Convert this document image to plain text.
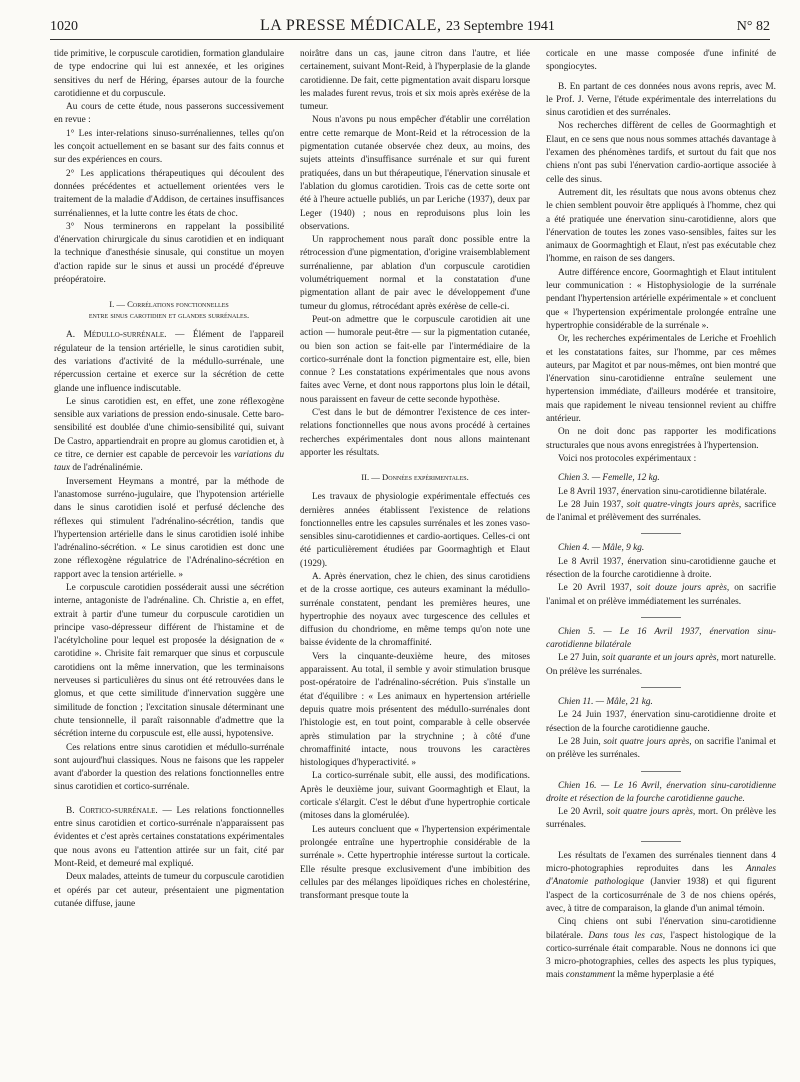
1020	LA PRESSE MÉDICALE, 23 Septembre 1941	N° 82

tide primitive, le corpuscule carotidien, formation glandulaire de type endocrine qui lui est annexée, et les origines sensitives du nerf de Héring, éparses autour de la fourche carotidienne et du corpuscule.

Au cours de cette étude, nous passerons successivement en revue :

1° Les inter-relations sinuso-surrénaliennes, telles qu'on les conçoit actuellement en se basant sur des faits connus et sur des expériences en cours.

2° Les applications thérapeutiques qui découlent des données précédentes et actuellement orientées vers le traitement de la maladie d'Addison, de certaines insuffisances surrénaliennes, et la lutte contre les états de choc.

3° Nous terminerons en rappelant la possibilité d'énervation chirurgicale du sinus carotidien et en indiquant la technique d'anesthésie sinusale, qui constitue un moyen d'action rapide sur le sinus et aussi un procédé d'épreuve préopératoire.

I. — Corrélations fonctionnelles
entre sinus carotidien et glandes surrénales.

A. Médullo-surrénale. — Élément de l'appareil régulateur de la tension artérielle, le sinus carotidien subit, des variations d'activité de la médullo-surrénale, une répercussion certaine et exerce sur la sécrétion de cette glande une influence indiscutable.

Le sinus carotidien est, en effet, une zone réflexogène sensible aux variations de pression endo-sinusale. Cette baro-sensibilité est doublée d'une chimio-sensibilité qui, suivant De Castro, appartiendrait en propre au glomus carotidien et, à ce titre, ce dernier est capable de percevoir les variations du taux de l'adrénalinémie.

Inversement Heymans a montré, par la méthode de l'anastomose surréno-jugulaire, que l'hypotension artérielle dans le sinus carotidien isolé et perfusé déclenche des réflexes qui stimulent l'adrénalino-sécrétion, tandis que l'hypertension artérielle dans le sinus carotidien isolé inhibe l'adrénalino-sécrétion. « Le sinus carotidien est donc une zone réflexogène régulatrice de l'Adrénalino-sécrétion en rapport avec la tension artérielle. »

Le corpuscule carotidien posséderait aussi une sécrétion interne, antagoniste de l'adrénaline. Ch. Christie a, en effet, extrait à partir d'une tumeur du corpuscule carotidien un principe vaso-dépresseur différent de l'histamine et de l'acétylcholine pour lequel est proposée la désignation de « carotidine ». Chrisite fait remarquer que sinus et corpuscule carotidiens ont la même innervation, que les terminaisons nerveuses si particulières du sinus ont été retrouvées dans le glomus, et que cette similitude d'innervation suggère une similitude de fonction ; l'excitation sinusale déterminant une chute tensionnelle, il paraît raisonnable d'admettre que la sécrétion interne du corpuscule est, elle aussi, hypotensive.

Ces relations entre sinus carotidien et médullo-surrénale sont aujourd'hui classiques. Nous ne faisons que les rappeler avant d'aborder la question des relations fonctionnelles entre sinus carotidien et cortico-surrénale.

B. Cortico-surrénale. — Les relations fonctionnelles entre sinus carotidien et cortico-surrénale n'apparaissent pas évidentes et c'est après certaines constatations expérimentales que nous avons eu l'attention attirée sur un fait, cité par Mont-Reid, et demeuré mal expliqué.

Deux malades, atteints de tumeur du corpuscule carotidien et opérés par cet auteur, présentaient une pigmentation cutanée diffuse, jaune

noirâtre dans un cas, jaune citron dans l'autre, et liée certainement, suivant Mont-Reid, à l'hyperplasie de la glande carotidienne. De fait, cette pigmentation avait disparu lorsque les malades furent revus, trois et six mois après exérèse de la tumeur.

Nous n'avons pu nous empêcher d'établir une corrélation entre cette remarque de Mont-Reid et la rétrocession de la pigmentation cutanée observée chez deux, au moins, des sujets atteints d'insuffisance surrénale et sur qui furent pratiquées, dans un but thérapeutique, l'énervation sinusale et l'ablation du glomus carotidien. Trois cas de cette sorte ont été à l'heure actuelle publiés, un par Leriche (1937), deux par Leger (1940) ; nous en reproduisons plus loin les observations.

Un rapprochement nous paraît donc possible entre la rétrocession d'une pigmentation, d'origine vraisemblablement surrénalienne, par ablation d'un corpuscule carotidien volumétriquement normal et la constatation d'une pigmentation allant de pair avec le développement d'une tumeur du glomus, rétrocédant après exérèse de celle-ci.

Peut-on admettre que le corpuscule carotidien ait une action — humorale peut-être — sur la pigmentation cutanée, ou bien son action se fait-elle par l'intermédiaire de la cortico-surrénale dont la fonction pigmentaire est, elle, bien connue ? Les constatations expérimentales que nous avons faites avec Verne, et dont nous rapportons plus loin le détail, nous paraissent en faveur de cette seconde hypothèse.

C'est dans le but de démontrer l'existence de ces inter-relations fonctionnelles que nous avons procédé à certaines recherches expérimentales dont nous allons maintenant apporter les résultats.

II. — Données expérimentales.

Les travaux de physiologie expérimentale effectués ces dernières années établissent l'existence de relations fonctionnelles entre les capsules surrénales et les zones vaso-sensibles sinu-carotidiennes et cardio-aortiques. Celles-ci ont été particulièrement étudiées par Goormaghtigh et Elaut (1929).

A. Après énervation, chez le chien, des sinus carotidiens et de la crosse aortique, ces auteurs examinant la médullo-surrénale constatent, pendant les premières heures, une hypertrophie des noyaux avec turgescence des cellules et diffusion du chondriome, en même temps qu'on note une baisse évidente de la chromaffinité.

Vers la cinquante-deuxième heure, des mitoses apparaissent. Au total, il semble y avoir stimulation brusque post-opératoire de l'adrénalino-sécrétion. Puis s'installe un état d'équilibre : « Les animaux en hypertension artérielle depuis quatre mois présentent des médullo-surrénales dont l'histologie est, en tout point, comparable à celle observée après stimulation par la strychnine ; à côté d'une chromaffinité intacte, nous trouvons les caractères histologiques d'hyperactivité. »

La cortico-surrénale subit, elle aussi, des modifications. Après le deuxième jour, suivant Goormaghtigh et Elaut, la corticale s'élargit. C'est le début d'une hypertrophie corticale (mitoses dans la glomérulée).

Les auteurs concluent que « l'hypertension expérimentale prolongée entraîne une hypertrophie considérable de la surrénale ». Cette hypertrophie intéresse surtout la corticale. Elle résulte presque exclusivement d'une imbibition des cellules par des mélanges lipoïdiques riches en cholestérine, transformant presque toute la

corticale en une masse composée d'une infinité de spongiocytes.

B. En partant de ces données nous avons repris, avec M. le Prof. J. Verne, l'étude expérimentale des interrelations du sinus carotidien et des surrénales.

Nos recherches diffèrent de celles de Goormaghtigh et Elaut, en ce sens que nous nous sommes attachés davantage à l'examen des phénomènes tardifs, et surtout du fait que nos chiens n'ont pas subi l'énervation cardio-aortique associée à celle des sinus.

Autrement dit, les résultats que nous avons obtenus chez le chien semblent pouvoir être appliqués à l'homme, chez qui a été pratiquée une énervation sinu-carotidienne, alors que l'énervation de toutes les zones vaso-sensibles, faites sur les animaux de Goormaghtigh et Elaut, n'est pas exécutable chez l'homme, en raison de ses dangers.

Autre différence encore, Goormaghtigh et Elaut intitulent leur communication : « Histophysiologie de la surrénale pendant l'hypertension artérielle expérimentale » et concluent que « l'hypertension expérimentale prolongée entraîne une hypertrophie considérable de la surrénale ».

Or, les recherches expérimentales de Leriche et Froehlich et les constatations faites, sur l'homme, par ces mêmes auteurs, par Magitot et par nous-mêmes, ont bien montré que l'énervation sinu-carotidienne entraîne seulement une hypertension immédiate, d'ailleurs modérée et transitoire, mais que rapidement le niveau tensionnel revient au chiffre antérieur.

On ne doit donc pas rapporter les modifications structurales que nous avons enregistrées à l'hypertension.

Voici nos protocoles expérimentaux :

Chien 3. — Femelle, 12 kg.

Le 8 Avril 1937, énervation sinu-carotidienne bilatérale.

Le 28 Juin 1937, soit quatre-vingts jours après, sacrifice de l'animal et prélèvement des surrénales.

Chien 4. — Mâle, 9 kg.

Le 8 Avril 1937, énervation sinu-carotidienne gauche et résection de la fourche carotidienne à droite.

Le 20 Avril 1937, soit douze jours après, on sacrifie l'animal et on prélève immédiatement les surrénales.

Chien 5. — Le 16 Avril 1937, énervation sinu-carotidienne bilatérale

Le 27 Juin, soit quarante et un jours après, mort naturelle. On prélève les surrénales.

Chien 11. — Mâle, 21 kg.

Le 24 Juin 1937, énervation sinu-carotidienne droite et résection de la fourche carotidienne gauche.

Le 28 Juin, soit quatre jours après, on sacrifie l'animal et on prélève les surrénales.

Chien 16. — Le 16 Avril, énervation sinu-carotidienne droite et résection de la fourche carotidienne gauche.

Le 20 Avril, soit quatre jours après, mort. On prélève les surrénales.

Les résultats de l'examen des surrénales tiennent dans 4 micro-photographies reproduites dans les Annales d'Anatomie pathologique (Janvier 1938) et qui figurent l'aspect de la corticosurrénale de 3 de nos chiens opérés, avec, à titre de comparaison, la glande d'un animal témoin.

Cinq chiens ont subi l'énervation sinu-carotidienne bilatérale. Dans tous les cas, l'aspect histologique de la cortico-surrénale était comparable. Nous ne donnons ici que 3 micro-photographies, celles des aspects les plus typiques, mais constamment la même hyperplasie a été
